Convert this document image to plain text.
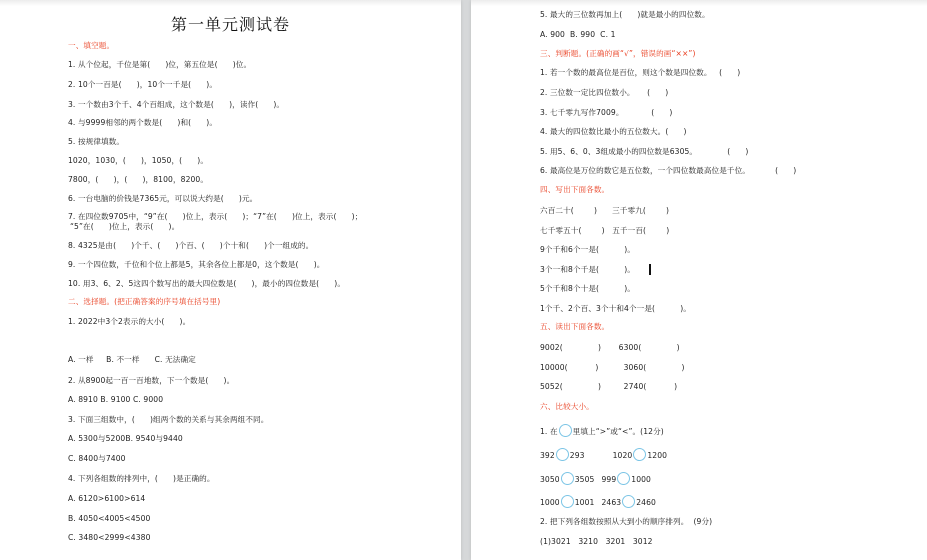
第一单元测试卷
一、填空题。
1. 从个位起，千位是第(      )位，第五位是(      )位。
2. 10个一百是(      )，10个一千是(      )。
3. 一个数由3个千、4个百组成，这个数是(      )，读作(      )。
4. 与9999相邻的两个数是(      )和(      )。
5. 按规律填数。
1020，1030，(      )，1050，(      )。
7800，(      )，(      )，8100，8200。
6. 一台电脑的价钱是7365元，可以说大约是(      )元。
7. 在四位数9705中，“9”在(      )位上，表示(      )；“7”在(      )位上，表示(      )；
“5”在(      )位上，表示(      )。
8. 4325是由(      )个千、(      )个百、(      )个十和(      )个一组成的。
9. 一个四位数，千位和个位上都是5，其余各位上都是0，这个数是(      )。
10. 用3、6、2、5这四个数写出的最大四位数是(      )，最小的四位数是(      )。
二、选择题。(把正确答案的序号填在括号里)
1. 2022中3个2表示的大小(      )。
A. 一样     B. 不一样      C. 无法确定
2. 从8900起一百一百地数，下一个数是(      )。
A. 8910 B. 9100 C. 9000
3. 下面三组数中，(      )组两个数的关系与其余两组不同。
A. 5300与5200B. 9540与9440
C. 8400与7400
4. 下列各组数的排列中，(      )是正确的。
A. 6120>6100>614
B. 4050<4005<4500
C. 3480<2999<4380
5. 最大的三位数再加上(      )就是最小的四位数。
A. 900  B. 990  C. 1
三、判断题。(正确的画“√”，错误的画“××”)
1. 若一个数的最高位是百位，则这个数是四位数。   (      )
2. 三位数一定比四位数小。     (      )
3. 七千零九写作7009。           (      )
4. 最大的四位数比最小的五位数大。(      )
5. 用5、6、0、3组成最小的四位数是6305。            (      )
6. 最高位是万位的数它是五位数，一个四位数最高位是千位。          (      )
四、写出下面各数。
六百二十(        )      三千零九(        )
七千零五十(        )   五千一百(        )
9个千和6个一是(          )。
3个一和8个千是(          )。
5个千和8个十是(          )。
1个千、2个百、3个十和4个一是(          )。
五、读出下面各数。
9002(              )       6300(              )
10000(           )          3060(              )
5052(              )         2740(           )
六、比较大小。
1. 在 里填上“>”或“<”。(12分)
392 293	1020 1200
3050 3505 999 1000
1000 1001 2463 2460
2. 把下列各组数按照从大到小的顺序排列。  (9分)
(1)3021   3210   3201   3012
